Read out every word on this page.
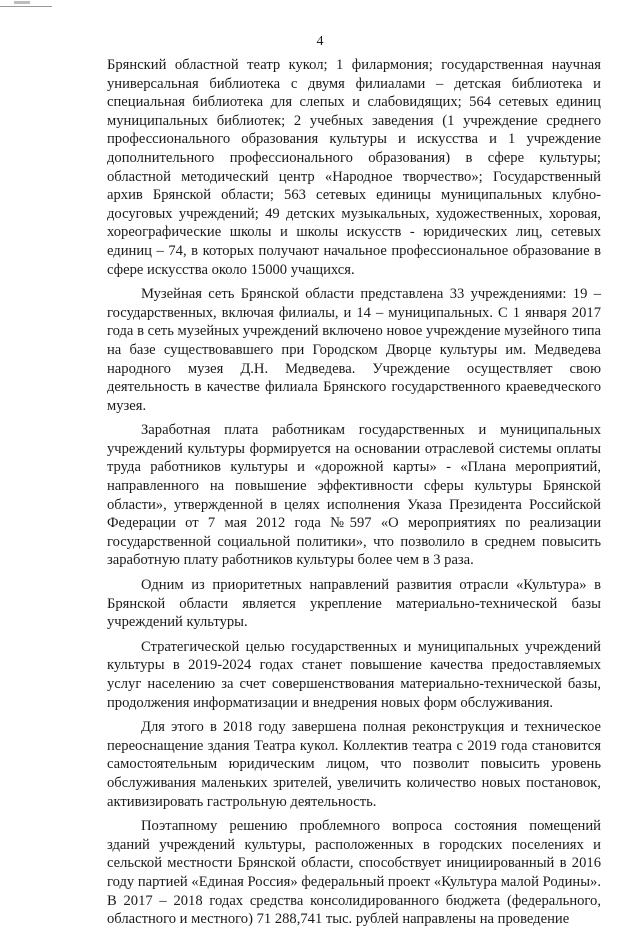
4

Брянский областной театр кукол; 1 филармония; государственная научная универсальная библиотека с двумя филиалами – детская библиотека и специальная библиотека для слепых и слабовидящих; 564 сетевых единиц муниципальных библиотек; 2 учебных заведения (1 учреждение среднего профессионального образования культуры и искусства и 1 учреждение дополнительного профессионального образования) в сфере культуры; областной методический центр «Народное творчество»; Государственный архив Брянской области; 563 сетевых единицы муниципальных клубно-досуговых учреждений; 49 детских музыкальных, художественных, хоровая, хореографические школы и школы искусств - юридических лиц, сетевых единиц – 74, в которых получают начальное профессиональное образование в сфере искусства около 15000 учащихся.

Музейная сеть Брянской области представлена 33 учреждениями: 19 – государственных, включая филиалы, и 14 – муниципальных. С 1 января 2017 года в сеть музейных учреждений включено новое учреждение музейного типа на базе существовавшего при Городском Дворце культуры им. Медведева народного музея Д.Н. Медведева. Учреждение осуществляет свою деятельность в качестве филиала Брянского государственного краеведческого музея.

Заработная плата работникам государственных и муниципальных учреждений культуры формируется на основании отраслевой системы оплаты труда работников культуры и «дорожной карты» - «Плана мероприятий, направленного на повышение эффективности сферы культуры Брянской области», утвержденной в целях исполнения Указа Президента Российской Федерации от 7 мая 2012 года №597 «О мероприятиях по реализации государственной социальной политики», что позволило в среднем повысить заработную плату работников культуры более чем в 3 раза.

Одним из приоритетных направлений развития отрасли «Культура» в Брянской области является укрепление материально-технической базы учреждений культуры.

Стратегической целью государственных и муниципальных учреждений культуры в 2019-2024 годах станет повышение качества предоставляемых услуг населению за счет совершенствования материально-технической базы, продолжения информатизации и внедрения новых форм обслуживания.

Для этого в 2018 году завершена полная реконструкция и техническое переоснащение здания Театра кукол. Коллектив театра с 2019 года становится самостоятельным юридическим лицом, что позволит повысить уровень обслуживания маленьких зрителей, увеличить количество новых постановок, активизировать гастрольную деятельность.

Поэтапному решению проблемного вопроса состояния помещений зданий учреждений культуры, расположенных в городских поселениях и сельской местности Брянской области, способствует инициированный в 2016 году партией «Единая Россия» федеральный проект «Культура малой Родины». В 2017 – 2018 годах средства консолидированного бюджета (федерального, областного и местного) 71 288,741 тыс. рублей направлены на проведение
